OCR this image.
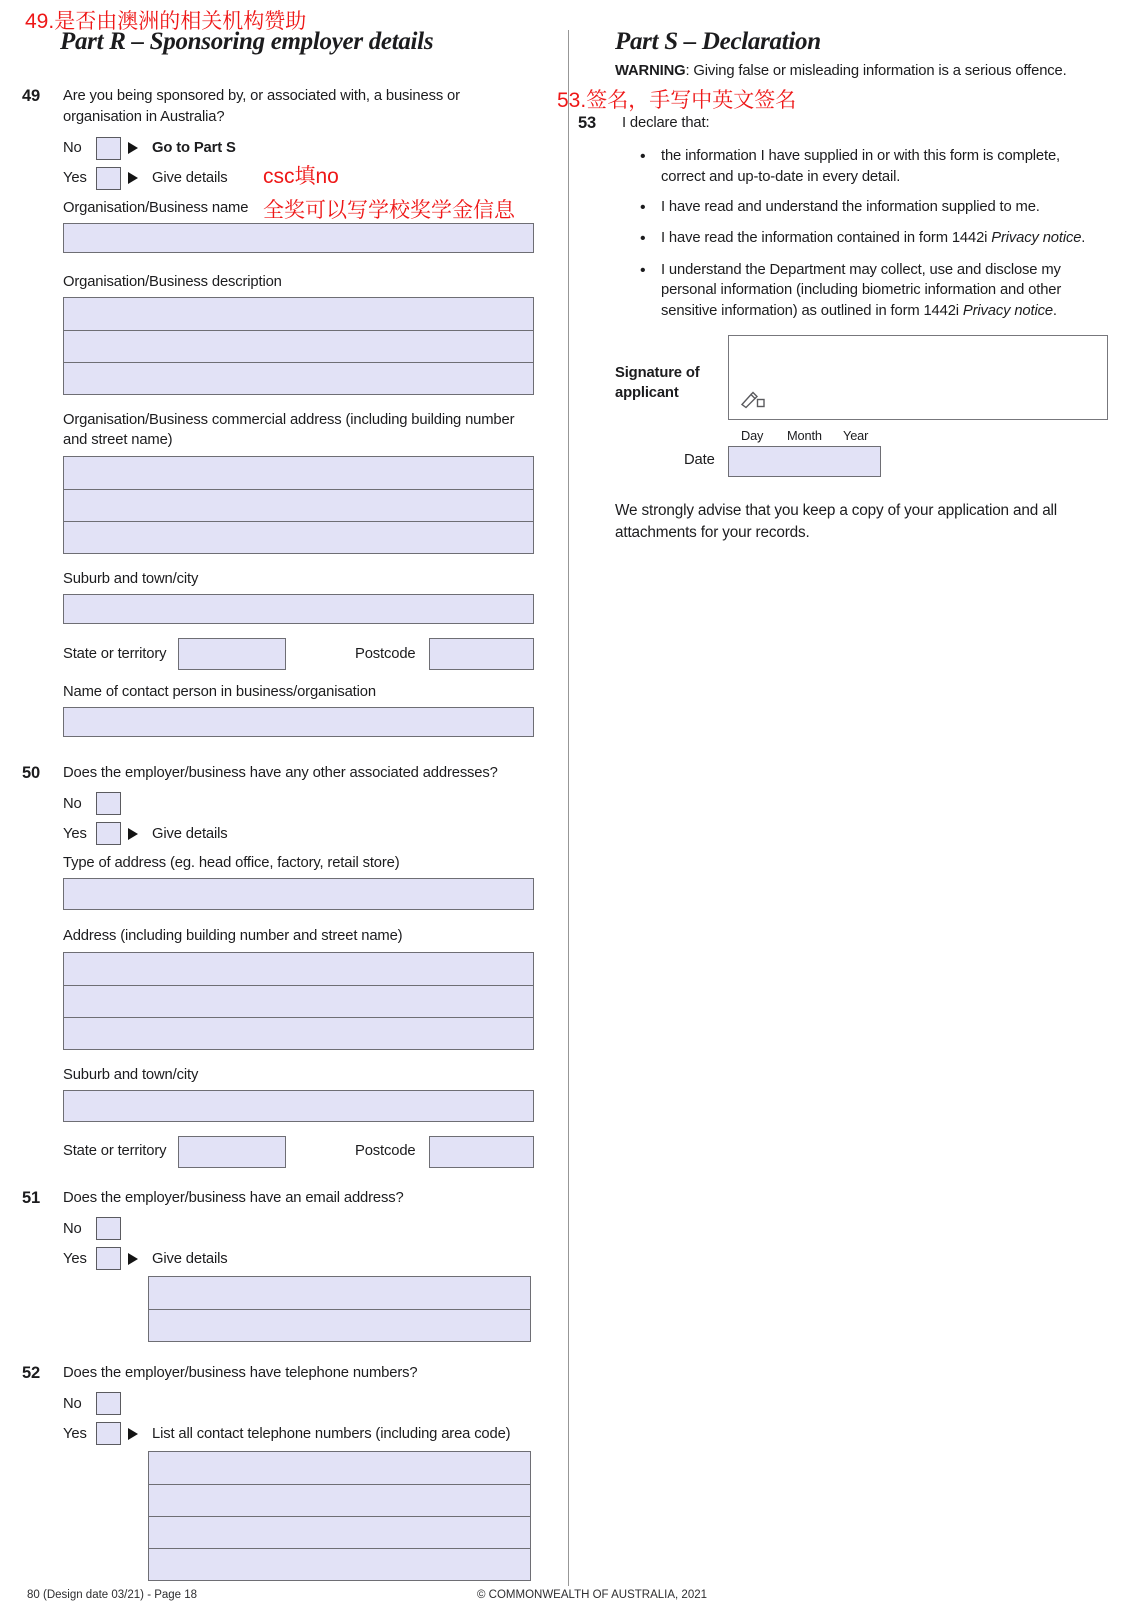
49.是否由澳洲的相关机构赞助
Part R – Sponsoring employer details
csc填no
全奖可以写学校奖学金信息
49	Are you being sponsored by, or associated with, a business or organisation in Australia?
No	Go to Part S
Yes	Give details
Organisation/Business name
Organisation/Business description
Organisation/Business commercial address (including building number and street name)
Suburb and town/city
State or territory	Postcode
Name of contact person in business/organisation
50	Does the employer/business have any other associated addresses?
No
Yes	Give details
Type of address (eg. head office, factory, retail store)
Address (including building number and street name)
Suburb and town/city
State or territory	Postcode
51	Does the employer/business have an email address?
No
Yes	Give details
52	Does the employer/business have telephone numbers?
No
Yes	List all contact telephone numbers (including area code)
Part S – Declaration
WARNING: Giving false or misleading information is a serious offence.
53.签名，手写中英文签名
53	I declare that:
•
the information I have supplied in or with this form is complete, correct and up-to-date in every detail.
•
I have read and understand the information supplied to me.
•
I have read the information contained in form 1442i Privacy notice.
•
I understand the Department may collect, use and disclose my personal information (including biometric information and other sensitive information) as outlined in form 1442i Privacy notice.
Signature of applicant
Day Month Year
Date
We strongly advise that you keep a copy of your application and all attachments for your records.
80 (Design date 03/21) - Page 18	© COMMONWEALTH OF AUSTRALIA, 2021
